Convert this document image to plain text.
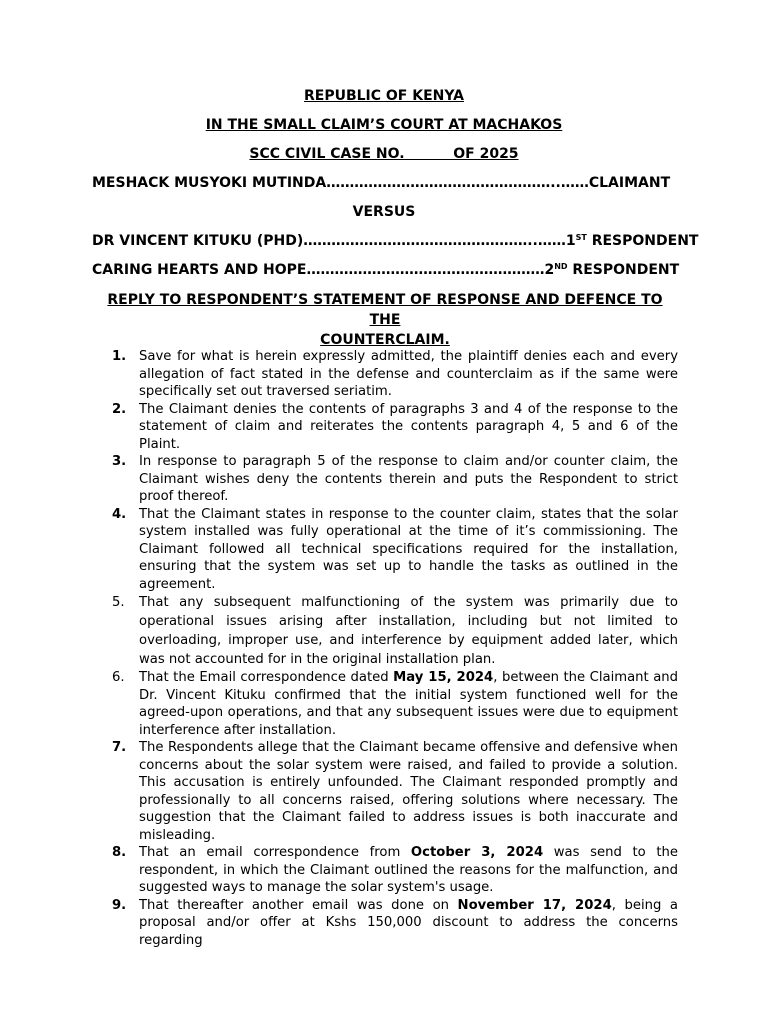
REPUBLIC OF KENYA
IN THE SMALL CLAIM’S COURT AT MACHAKOS
SCC CIVIL CASE NO.          OF 2025
MESHACK MUSYOKI MUTINDA…………………………………………..……CLAIMANT
VERSUS
DR VINCENT KITUKU (PHD)…………………………………………..……1ST RESPONDENT
CARING HEARTS AND HOPE……………………………………………2ND RESPONDENT
REPLY TO RESPONDENT’S STATEMENT OF RESPONSE AND DEFENCE TO THE
COUNTERCLAIM.
1. Save for what is herein expressly admitted, the plaintiff denies each and every allegation of fact stated in the defense and counterclaim as if the same were specifically set out traversed seriatim.
2. The Claimant denies the contents of paragraphs 3 and 4 of the response to the statement of claim and reiterates the contents paragraph 4, 5 and 6 of the Plaint.
3. In response to paragraph 5 of the response to claim and/or counter claim, the Claimant wishes deny the contents therein and puts the Respondent to strict proof thereof.
4. That the Claimant states in response to the counter claim, states that the solar system installed was fully operational at the time of it’s commissioning. The Claimant followed all technical specifications required for the installation, ensuring that the system was set up to handle the tasks as outlined in the agreement.
5. That any subsequent malfunctioning of the system was primarily due to operational issues arising after installation, including but not limited to overloading, improper use, and interference by equipment added later, which was not accounted for in the original installation plan.
6. That the Email correspondence dated May 15, 2024, between the Claimant and Dr. Vincent Kituku confirmed that the initial system functioned well for the agreed-upon operations, and that any subsequent issues were due to equipment interference after installation.
7. The Respondents allege that the Claimant became offensive and defensive when concerns about the solar system were raised, and failed to provide a solution. This accusation is entirely unfounded. The Claimant responded promptly and professionally to all concerns raised, offering solutions where necessary. The suggestion that the Claimant failed to address issues is both inaccurate and misleading.
8. That an email correspondence from October 3, 2024 was send to the respondent, in which the Claimant outlined the reasons for the malfunction, and suggested ways to manage the solar system's usage.
9. That thereafter another email was done on November 17, 2024, being a proposal and/or offer at Kshs 150,000 discount to address the concerns regarding
